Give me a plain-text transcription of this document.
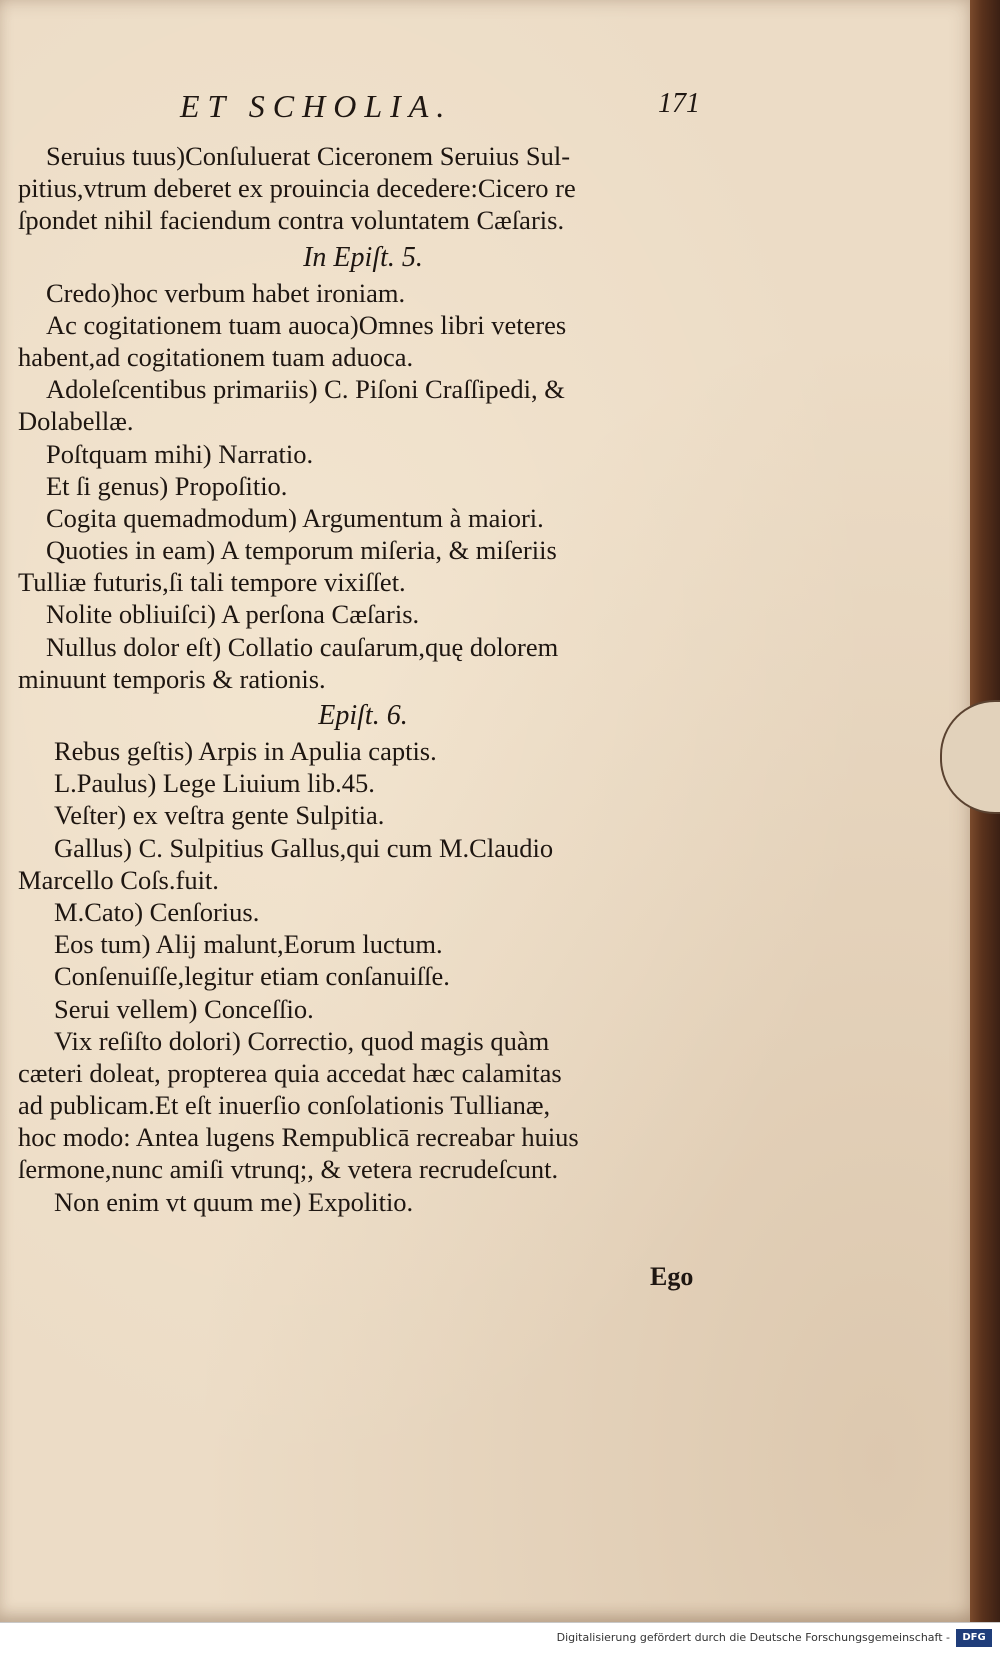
ET SCHOLIA.	171
Seruius tuus)Conſuluerat Ciceronem Seruius Sul-
pitius,vtrum deberet ex prouincia decedere:Cicero re
ſpondet nihil faciendum contra voluntatem Cæſaris.
In Epiſt. 5.
Credo)hoc verbum habet ironiam.
Ac cogitationem tuam auoca)Omnes libri veteres
habent,ad cogitationem tuam aduoca.
Adoleſcentibus primariis) C. Piſoni Craſſipedi, &
Dolabellæ.
Poſtquam mihi) Narratio.
Et ſi genus) Propoſitio.
Cogita quemadmodum) Argumentum à maiori.
Quoties in eam) A temporum miſeria, & miſeriis
Tulliæ futuris,ſi tali tempore vixiſſet.
Nolite obliuiſci) A perſona Cæſaris.
Nullus dolor eſt) Collatio cauſarum,quę dolorem
minuunt temporis & rationis.
Epiſt. 6.
Rebus geſtis) Arpis in Apulia captis.
L.Paulus) Lege Liuium lib.45.
Veſter) ex veſtra gente Sulpitia.
Gallus) C. Sulpitius Gallus,qui cum M.Claudio
Marcello Coſs.fuit.
M.Cato) Cenſorius.
Eos tum) Alij malunt,Eorum luctum.
Conſenuiſſe,legitur etiam conſanuiſſe.
Serui vellem) Conceſſio.
Vix reſiſto dolori) Correctio, quod magis quàm
cæteri doleat, propterea quia accedat hæc calamitas
ad publicam.Et eſt inuerſio conſolationis Tullianæ,
hoc modo: Antea lugens Rempublicā recreabar huius
ſermone,nunc amiſi vtrunq;, & vetera recrudeſcunt.
Non enim vt quum me) Expolitio.
Ego
Digitalisierung gefördert durch die Deutsche Forschungsgemeinschaft -	DFG
